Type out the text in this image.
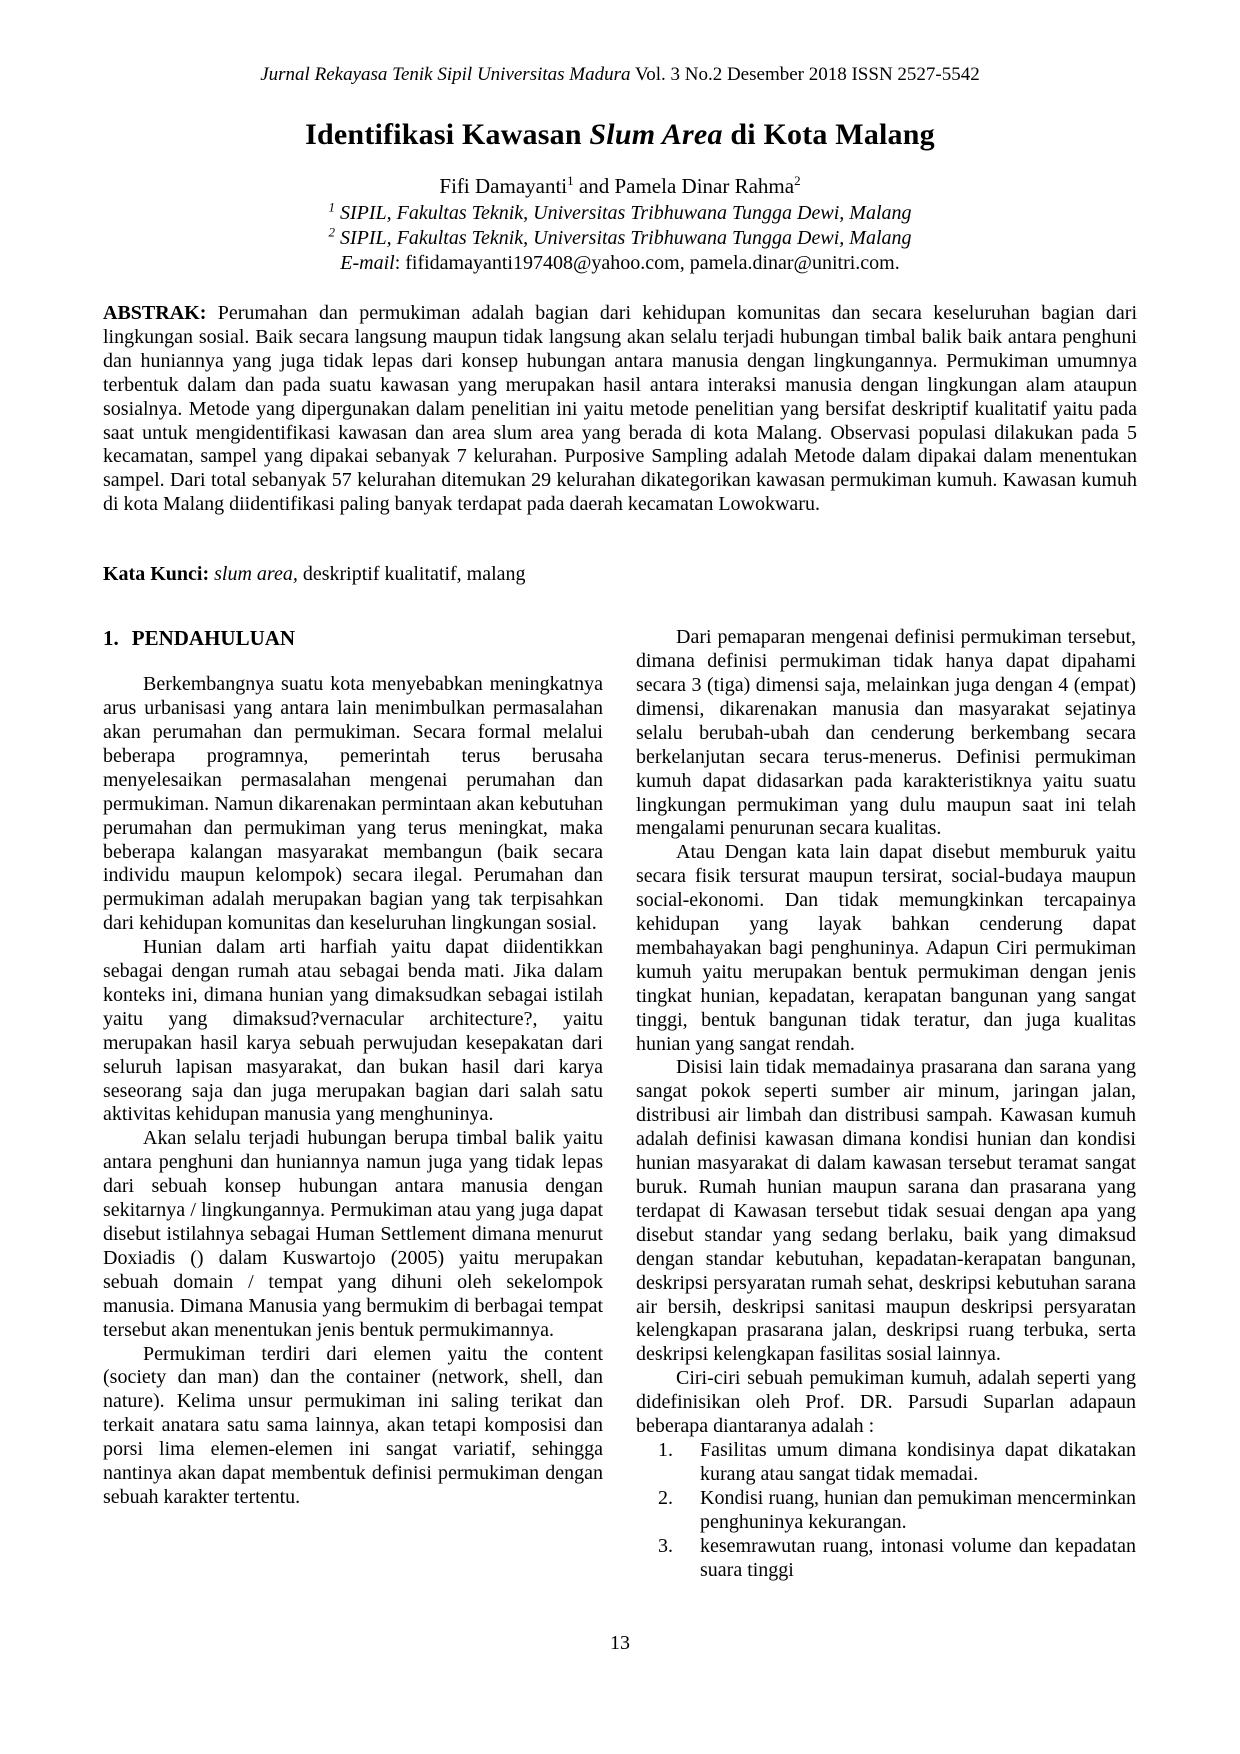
Jurnal Rekayasa Tenik Sipil Universitas Madura Vol. 3 No.2 Desember 2018 ISSN 2527-5542
Identifikasi Kawasan Slum Area di Kota Malang
Fifi Damayanti$^1$ and Pamela Dinar Rahma$^2$
$^1$ SIPIL, Fakultas Teknik, Universitas Tribhuwana Tungga Dewi, Malang
$^2$ SIPIL, Fakultas Teknik, Universitas Tribhuwana Tungga Dewi, Malang
E-mail: fifidamayanti197408@yahoo.com, pamela.dinar@unitri.com.
ABSTRAK: Perumahan dan permukiman adalah bagian dari kehidupan komunitas dan secara keseluruhan bagian dari lingkungan sosial. Baik secara langsung maupun tidak langsung akan selalu terjadi hubungan timbal balik baik antara penghuni dan huniannya yang juga tidak lepas dari konsep hubungan antara manusia dengan lingkungannya. Permukiman umumnya terbentuk dalam dan pada suatu kawasan yang merupakan hasil antara interaksi manusia dengan lingkungan alam ataupun sosialnya. Metode yang dipergunakan dalam penelitian ini yaitu metode penelitian yang bersifat deskriptif kualitatif yaitu pada saat untuk mengidentifikasi kawasan dan area slum area yang berada di kota Malang. Observasi populasi dilakukan pada 5 kecamatan, sampel yang dipakai sebanyak 7 kelurahan. Purposive Sampling adalah Metode dalam dipakai dalam menentukan sampel. Dari total sebanyak 57 kelurahan ditemukan 29 kelurahan dikategorikan kawasan permukiman kumuh. Kawasan kumuh di kota Malang diidentifikasi paling banyak terdapat pada daerah kecamatan Lowokwaru.
Kata Kunci: slum area, deskriptif kualitatif, malang
1. PENDAHULUAN

Berkembangnya suatu kota menyebabkan meningkatnya arus urbanisasi yang antara lain menimbulkan permasalahan akan perumahan dan permukiman. Secara formal melalui beberapa programnya, pemerintah terus berusaha menyelesaikan permasalahan mengenai perumahan dan permukiman. Namun dikarenakan permintaan akan kebutuhan perumahan dan permukiman yang terus meningkat, maka beberapa kalangan masyarakat membangun (baik secara individu maupun kelompok) secara ilegal. Perumahan dan permukiman adalah merupakan bagian yang tak terpisahkan dari kehidupan komunitas dan keseluruhan lingkungan sosial.

Hunian dalam arti harfiah yaitu dapat diidentikkan sebagai dengan rumah atau sebagai benda mati. Jika dalam konteks ini, dimana hunian yang dimaksudkan sebagai istilah yaitu yang dimaksud?vernacular architecture?, yaitu merupakan hasil karya sebuah perwujudan kesepakatan dari seluruh lapisan masyarakat, dan bukan hasil dari karya seseorang saja dan juga merupakan bagian dari salah satu aktivitas kehidupan manusia yang menghuninya.

Akan selalu terjadi hubungan berupa timbal balik yaitu antara penghuni dan huniannya namun juga yang tidak lepas dari sebuah konsep hubungan antara manusia dengan sekitarnya / lingkungannya. Permukiman atau yang juga dapat disebut istilahnya sebagai Human Settlement dimana menurut Doxiadis () dalam Kuswartojo (2005) yaitu merupakan sebuah domain / tempat yang dihuni oleh sekelompok manusia. Dimana Manusia yang bermukim di berbagai tempat tersebut akan menentukan jenis bentuk permukimannya.

Permukiman terdiri dari elemen yaitu the content (society dan man) dan the container (network, shell, dan nature). Kelima unsur permukiman ini saling terikat dan terkait anatara satu sama lainnya, akan tetapi komposisi dan porsi lima elemen-elemen ini sangat variatif, sehingga nantinya akan dapat membentuk definisi permukiman dengan sebuah karakter tertentu.

Dari pemaparan mengenai definisi permukiman tersebut, dimana definisi permukiman tidak hanya dapat dipahami secara 3 (tiga) dimensi saja, melainkan juga dengan 4 (empat) dimensi, dikarenakan manusia dan masyarakat sejatinya selalu berubah-ubah dan cenderung berkembang secara berkelanjutan secara terus-menerus. Definisi permukiman kumuh dapat didasarkan pada karakteristiknya yaitu suatu lingkungan permukiman yang dulu maupun saat ini telah mengalami penurunan secara kualitas.

Atau Dengan kata lain dapat disebut memburuk yaitu secara fisik tersurat maupun tersirat, social-budaya maupun social-ekonomi. Dan tidak memungkinkan tercapainya kehidupan yang layak bahkan cenderung dapat membahayakan bagi penghuninya. Adapun Ciri permukiman kumuh yaitu merupakan bentuk permukiman dengan jenis tingkat hunian, kepadatan, kerapatan bangunan yang sangat tinggi, bentuk bangunan tidak teratur, dan juga kualitas hunian yang sangat rendah.

Disisi lain tidak memadainya prasarana dan sarana yang sangat pokok seperti sumber air minum, jaringan jalan, distribusi air limbah dan distribusi sampah. Kawasan kumuh adalah definisi kawasan dimana kondisi hunian dan kondisi hunian masyarakat di dalam kawasan tersebut teramat sangat buruk. Rumah hunian maupun sarana dan prasarana yang terdapat di Kawasan tersebut tidak sesuai dengan apa yang disebut standar yang sedang berlaku, baik yang dimaksud dengan standar kebutuhan, kepadatan-kerapatan bangunan, deskripsi persyaratan rumah sehat, deskripsi kebutuhan sarana air bersih, deskripsi sanitasi maupun deskripsi persyaratan kelengkapan prasarana jalan, deskripsi ruang terbuka, serta deskripsi kelengkapan fasilitas sosial lainnya.

Ciri-ciri sebuah pemukiman kumuh, adalah seperti yang didefinisikan oleh Prof. DR. Parsudi Suparlan adapaun beberapa diantaranya adalah :

1.	Fasilitas umum dimana kondisinya dapat dikatakan kurang atau sangat tidak memadai.
2.	Kondisi ruang, hunian dan pemukiman mencerminkan penghuninya kekurangan.
3.	kesemrawutan ruang, intonasi volume dan kepadatan suara tinggi
13
